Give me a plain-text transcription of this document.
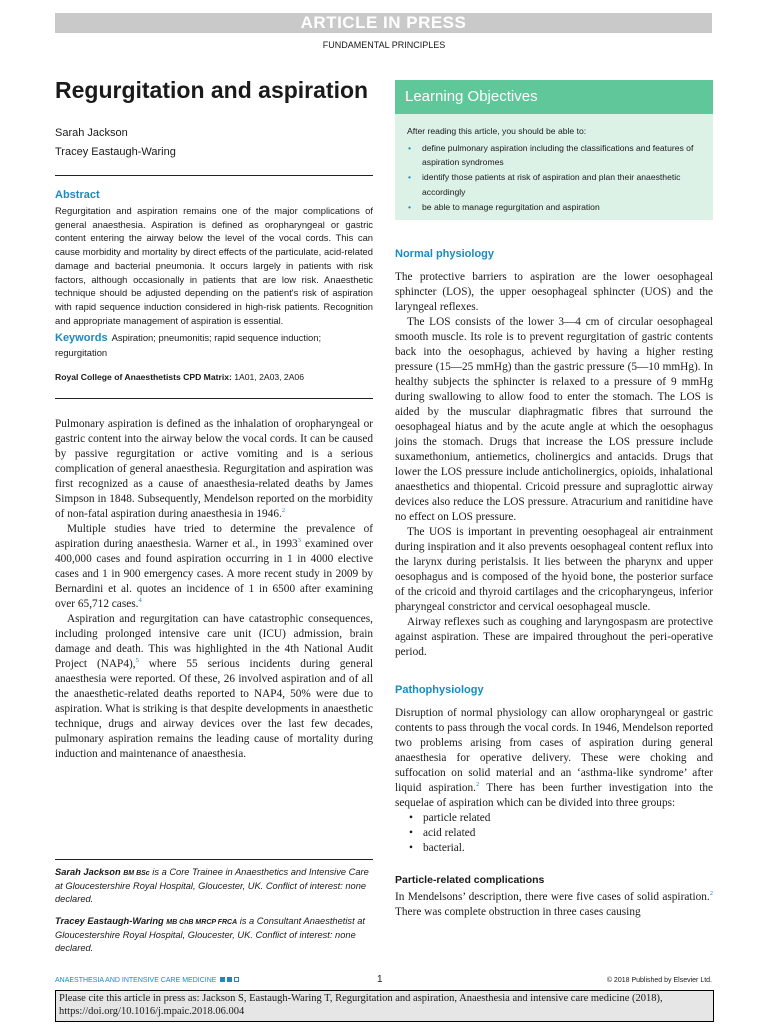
ARTICLE IN PRESS
FUNDAMENTAL PRINCIPLES
Regurgitation and aspiration
Sarah Jackson
Tracey Eastaugh-Waring
Abstract
Regurgitation and aspiration remains one of the major complications of general anaesthesia. Aspiration is defined as oropharyngeal or gastric content entering the airway below the level of the vocal cords. This can cause morbidity and mortality by direct effects of the particulate, acid-related damage and bacterial pneumonia. It occurs largely in patients with risk factors, although occasionally in patients that are low risk. Anaesthetic technique should be adjusted depending on the patient's risk of aspiration with rapid sequence induction considered in high-risk patients. Recognition and appropriate management of aspiration is essential.
Keywords Aspiration; pneumonitis; rapid sequence induction; regurgitation
Royal College of Anaesthetists CPD Matrix: 1A01, 2A03, 2A06

Pulmonary aspiration is defined as the inhalation of oropharyngeal or gastric content into the airway below the vocal cords. It can be caused by passive regurgitation or active vomiting and is a serious complication of general anaesthesia. Regurgitation and aspiration was first recognized as a cause of anaesthesia-related deaths by James Simpson in 1848. Subsequently, Mendelson reported on the morbidity of non-fatal aspiration during anaesthesia in 1946.$^2$

Multiple studies have tried to determine the prevalence of aspiration during anaesthesia. Warner et al., in 1993$^3$ examined over 400,000 cases and found aspiration occurring in 1 in 4000 elective cases and 1 in 900 emergency cases. A more recent study in 2009 by Bernardini et al. quotes an incidence of 1 in 6500 after examining over 65,712 cases.$^4$

Aspiration and regurgitation can have catastrophic consequences, including prolonged intensive care unit (ICU) admission, brain damage and death. This was highlighted in the 4th National Audit Project (NAP4),$^5$ where 55 serious incidents during general anaesthesia were reported. Of these, 26 involved aspiration and of all the anaesthetic-related deaths reported to NAP4, 50% were due to aspiration. What is striking is that despite developments in anaesthetic technique, drugs and airway devices over the last few decades, pulmonary aspiration remains the leading cause of mortality during induction and maintenance of anaesthesia.

Sarah Jackson BM BSc is a Core Trainee in Anaesthetics and Intensive Care at Gloucestershire Royal Hospital, Gloucester, UK. Conflict of interest: none declared.
Tracey Eastaugh-Waring MB ChB MRCP FRCA is a Consultant Anaesthetist at Gloucestershire Royal Hospital, Gloucester, UK. Conflict of interest: none declared.
Learning Objectives
After reading this article, you should be able to:
• define pulmonary aspiration including the classifications and features of aspiration syndromes
• identify those patients at risk of aspiration and plan their anaesthetic accordingly
• be able to manage regurgitation and aspiration
Normal physiology

The protective barriers to aspiration are the lower oesophageal sphincter (LOS), the upper oesophageal sphincter (UOS) and the laryngeal reflexes.

The LOS consists of the lower 3—4 cm of circular oesophageal smooth muscle. Its role is to prevent regurgitation of gastric contents back into the oesophagus, achieved by having a higher resting pressure (15—25 mmHg) than the gastric pressure (5—10 mmHg). In healthy subjects the sphincter is relaxed to a pressure of 9 mmHg during swallowing to allow food to enter the stomach. The LOS is aided by the muscular diaphragmatic fibres that surround the oesophageal hiatus and by the acute angle at which the oesophagus joins the stomach. Drugs that increase the LOS pressure include suxamethonium, antiemetics, cholinergics and antacids. Drugs that lower the LOS pressure include anticholinergics, opioids, inhalational anaesthetics and thiopental. Cricoid pressure and supraglottic airway devices also reduce the LOS pressure. Atracurium and ranitidine have no effect on LOS pressure.

The UOS is important in preventing oesophageal air entrainment during inspiration and it also prevents oesophageal content reflux into the larynx during peristalsis. It lies between the pharynx and upper oesophagus and is composed of the hyoid bone, the posterior surface of the cricoid and thyroid cartilages and the cricopharyngeus, inferior pharyngeal constrictor and cervical oesophageal muscle.

Airway reflexes such as coughing and laryngospasm are protective against aspiration. These are impaired throughout the peri-operative period.

Pathophysiology

Disruption of normal physiology can allow oropharyngeal or gastric contents to pass through the vocal cords. In 1946, Mendelson reported two problems arising from cases of aspiration during general anaesthesia for operative delivery. These were choking and suffocation on solid material and an ‘asthma-like syndrome’ after liquid aspiration.$^2$ There has been further investigation into the sequelae of aspiration which can be divided into three groups:

• particle related
• acid related
• bacterial.
Particle-related complications

In Mendelsons’ description, there were five cases of solid aspiration.$^2$ There was complete obstruction in three cases causing

ANAESTHESIA AND INTENSIVE CARE MEDICINE	1	© 2018 Published by Elsevier Ltd.
Please cite this article in press as: Jackson S, Eastaugh-Waring T, Regurgitation and aspiration, Anaesthesia and intensive care medicine (2018), https://doi.org/10.1016/j.mpaic.2018.06.004
